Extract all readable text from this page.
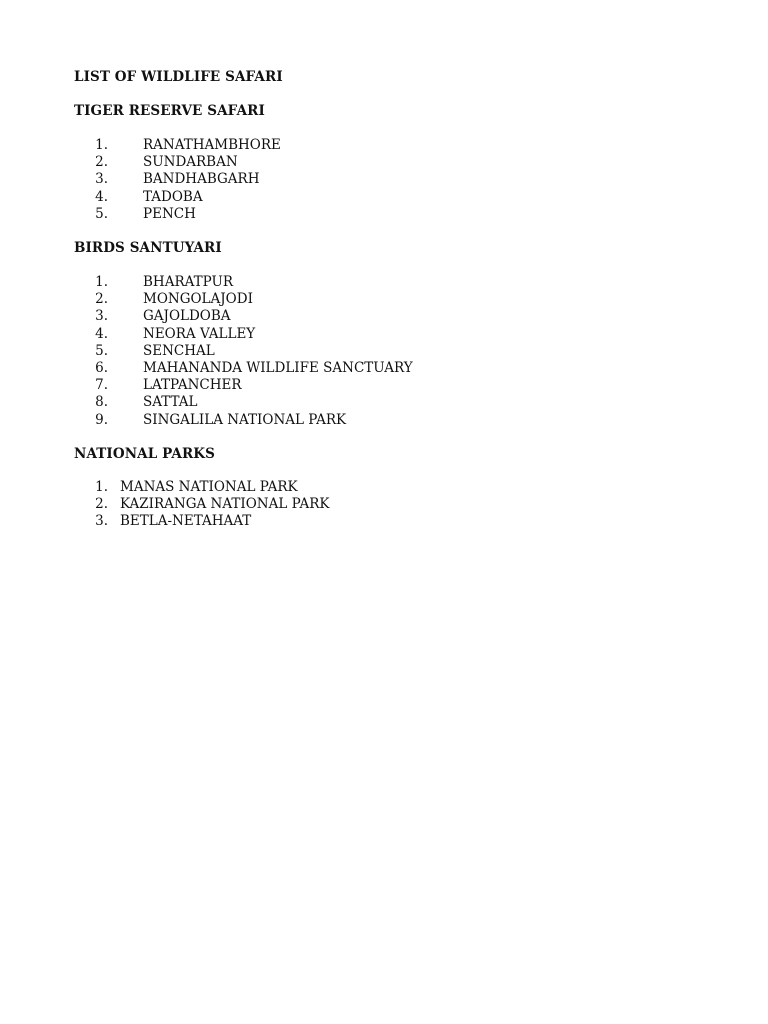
LIST OF WILDLIFE SAFARI
TIGER RESERVE SAFARI
1.	RANATHAMBHORE
2.	SUNDARBAN
3.	BANDHABGARH
4.	TADOBA
5.	PENCH
BIRDS SANTUYARI
1.	BHARATPUR
2.	MONGOLAJODI
3.	GAJOLDOBA
4.	NEORA VALLEY
5.	SENCHAL
6.	MAHANANDA WILDLIFE SANCTUARY
7.	LATPANCHER
8.	SATTAL
9.	SINGALILA NATIONAL PARK
NATIONAL PARKS
1. MANAS NATIONAL PARK
2. KAZIRANGA NATIONAL PARK
3. BETLA-NETAHAAT
